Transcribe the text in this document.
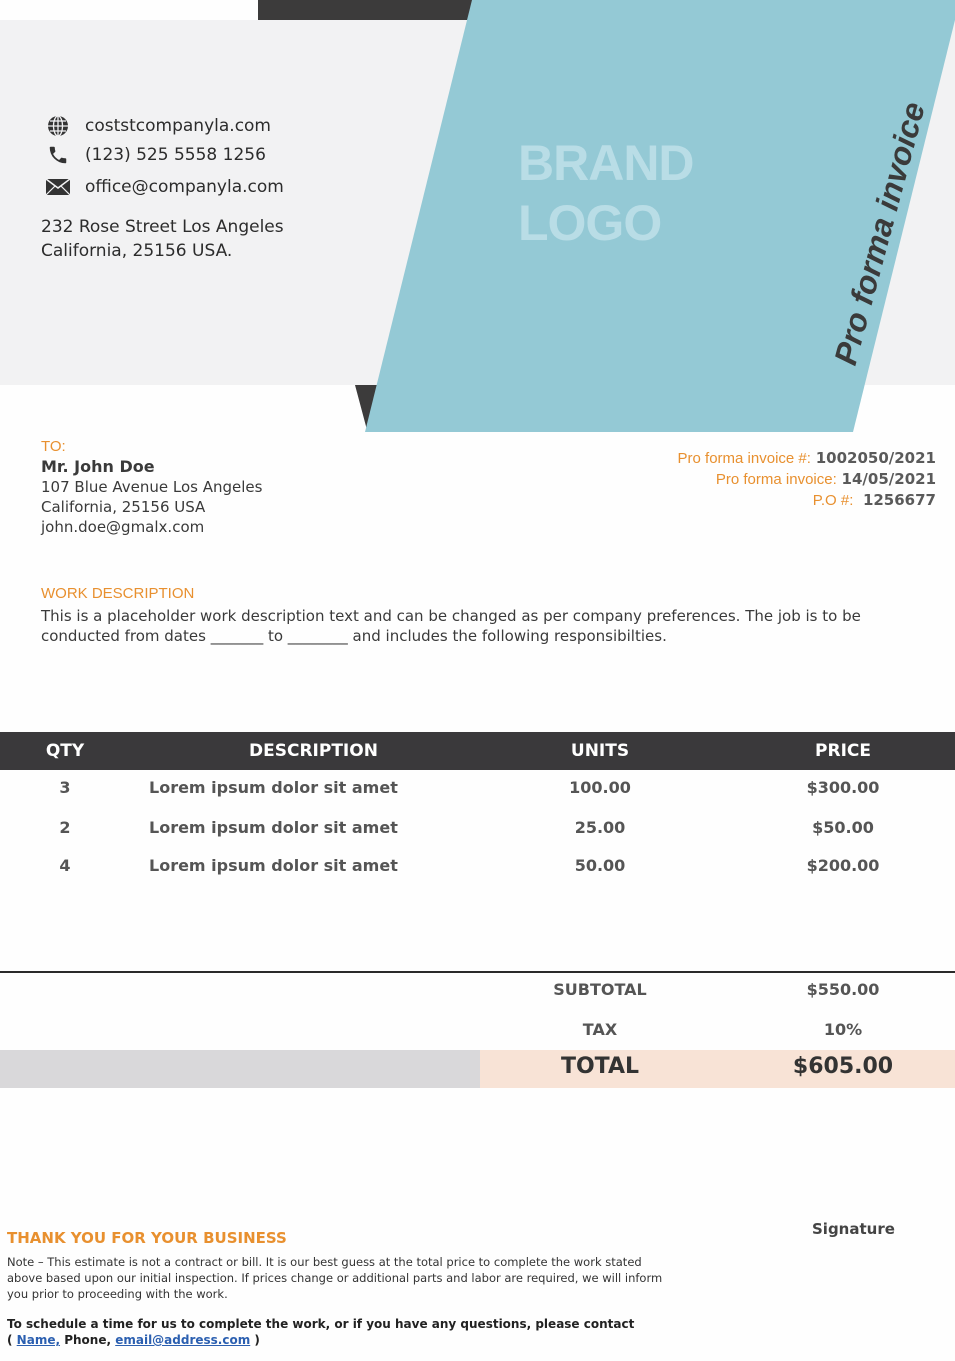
coststcompanyla.com
(123) 525 5558 1256
office@companyla.com
232 Rose Street Los Angeles
California, 25156 USA.
BRAND
LOGO	Pro forma invoice
TO:
Mr. John Doe
107 Blue Avenue Los Angeles
California, 25156 USA
john.doe@gmalx.com
Pro forma invoice #: 1002050/2021
Pro forma invoice: 14/05/2021
P.O #: 1256677
WORK DESCRIPTION
This is a placeholder work description text and can be changed as per company preferences. The job is to be conducted from dates _______ to ________ and includes the following responsibilties.
QTY	DESCRIPTION	UNITS	PRICE
3	Lorem ipsum dolor sit amet	100.00	$300.00
2	Lorem ipsum dolor sit amet	25.00	$50.00
4	Lorem ipsum dolor sit amet	50.00	$200.00
SUBTOTAL	$550.00
TAX	10%
TOTAL	$605.00
THANK YOU FOR YOUR BUSINESS
Note – This estimate is not a contract or bill. It is our best guess at the total price to complete the work stated above based upon our initial inspection. If prices change or additional parts and labor are required, we will inform you prior to proceeding with the work.
To schedule a time for us to complete the work, or if you have any questions, please contact
( Name, Phone, email@address.com )
Signature
